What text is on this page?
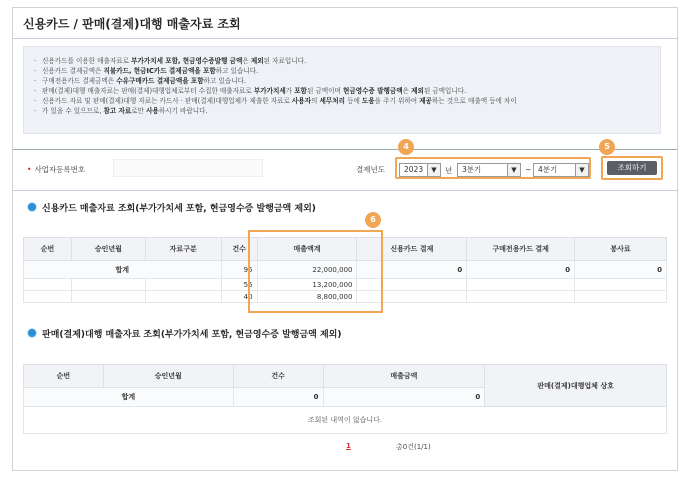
신용카드 / 판매(결제)대행 매출자료 조회
· 신용카드를 이용한 매출자료로 부가가치세 포함, 현금영수증발행 금액은 제외된 자료입니다.
· 신용카드 결제금액은 직불카드, 현금IC카드 결제금액을 포함하고 있습니다.
· 구매전용카드 결제금액은 수유구매카드 결제금액을 포함하고 있습니다.
· 판매(결제)대행 매출자료는 판매(결제)대행업체로부터 수집한 매출자료로 부가가치세가 포함된 금액이며 현금영수증 발행금액은 제외된 금액입니다.
· 신용카드 자료 및 판매(결제)대행 자료는 카드사 · 판매(결제)대행업체가 제출한 자료로 사용자의 세무처리 등에 도움을 주기 위하여 제공하는 것으로 매출액 등에 차이
· 가 있을 수 있으므로, 참고 자료로만 사용하시기 바랍니다.
• 사업자등록번호	결제년도	2023	▼	년	3분기	▼	~ 4분기	▼	조회하기
4	5
6
신용카드 매출자료 조회(부가가치세 포함, 현금영수증 발행금액 제외)
순번	승인년월	자료구분	건수	매출액계	신용카드 결제	구매전용카드 결제	봉사료
합계			95	22,000,000	0	0	0
			55	13,200,000			
			40	8,800,000			
판매(결제)대행 매출자료 조회(부가가치세 포함, 현금영수증 발행금액 제외)
순번	승인년월	건수	매출금액	판매(결제)대행업체 상호
합계		0	0	
조회된 내역이 없습니다.				
1	총0건(1/1)
